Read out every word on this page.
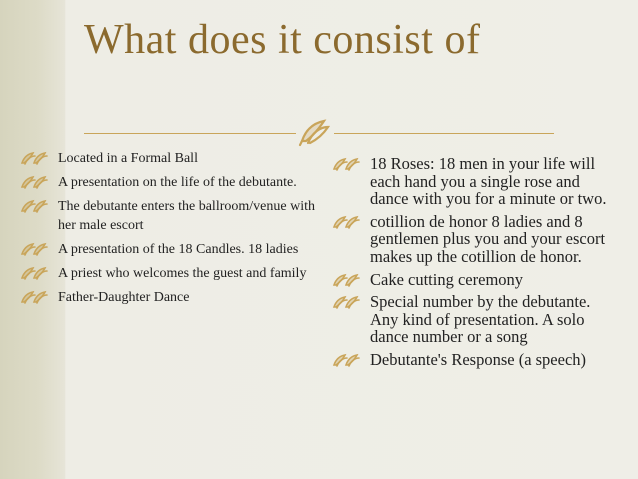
What does it consist of
Located in a Formal Ball
A presentation on the life of the debutante.
The debutante enters the ballroom/venue with her male escort
A presentation of the 18 Candles. 18 ladies
A priest who welcomes the guest and family
Father-Daughter Dance
18 Roses: 18 men in your life will each hand you a single rose and dance with you for a minute or two.
cotillion de honor 8 ladies and 8 gentlemen plus you and your escort makes up the cotillion de honor.
Cake cutting ceremony
Special number by the debutante. Any kind of presentation. A solo dance number or a song
Debutante's Response (a speech)
